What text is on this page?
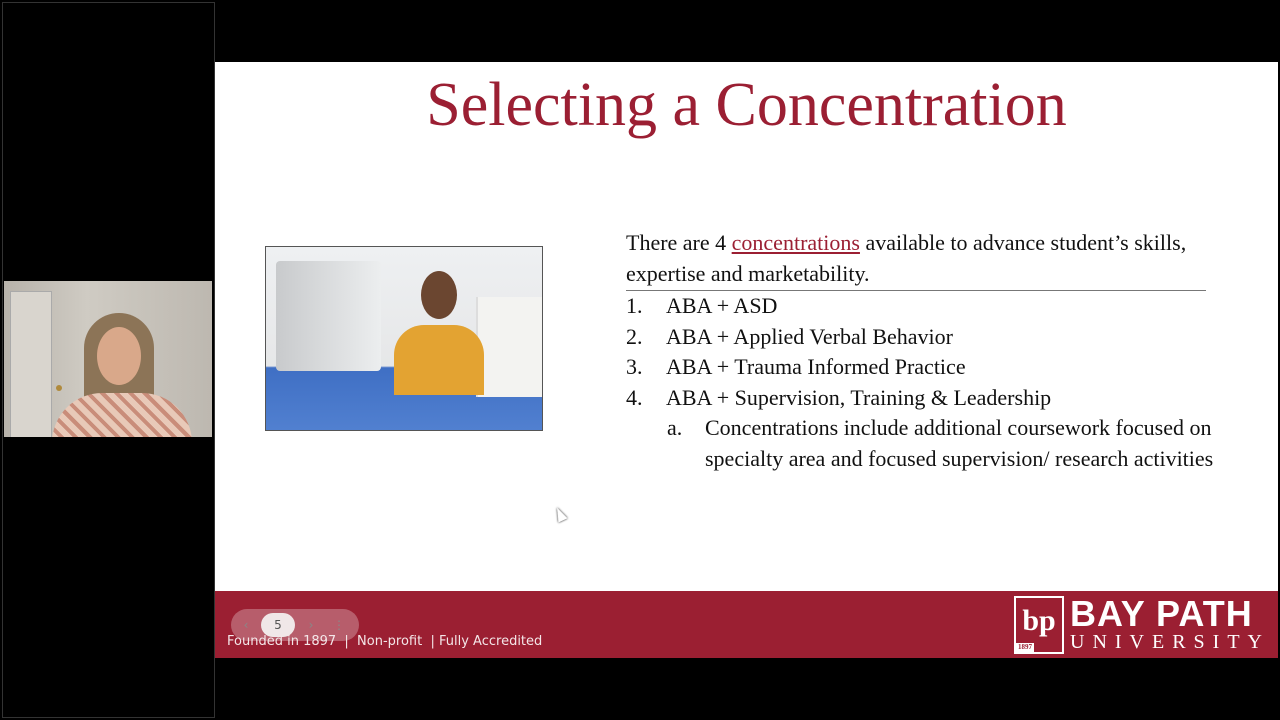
Selecting a Concentration
There are 4 concentrations available to advance student’s skills, expertise and marketability.
1.	ABA + ASD
2.	ABA + Applied Verbal Behavior
3.	ABA + Trauma Informed Practice
4.	ABA + Supervision, Training & Leadership
a.	Concentrations include additional coursework focused on specialty area and focused supervision/ research activities
‹	5	›	⋮
Founded in 1897  |  Non-profit  | Fully Accredited
bp
1897
BAY PATH
UNIVERSITY
